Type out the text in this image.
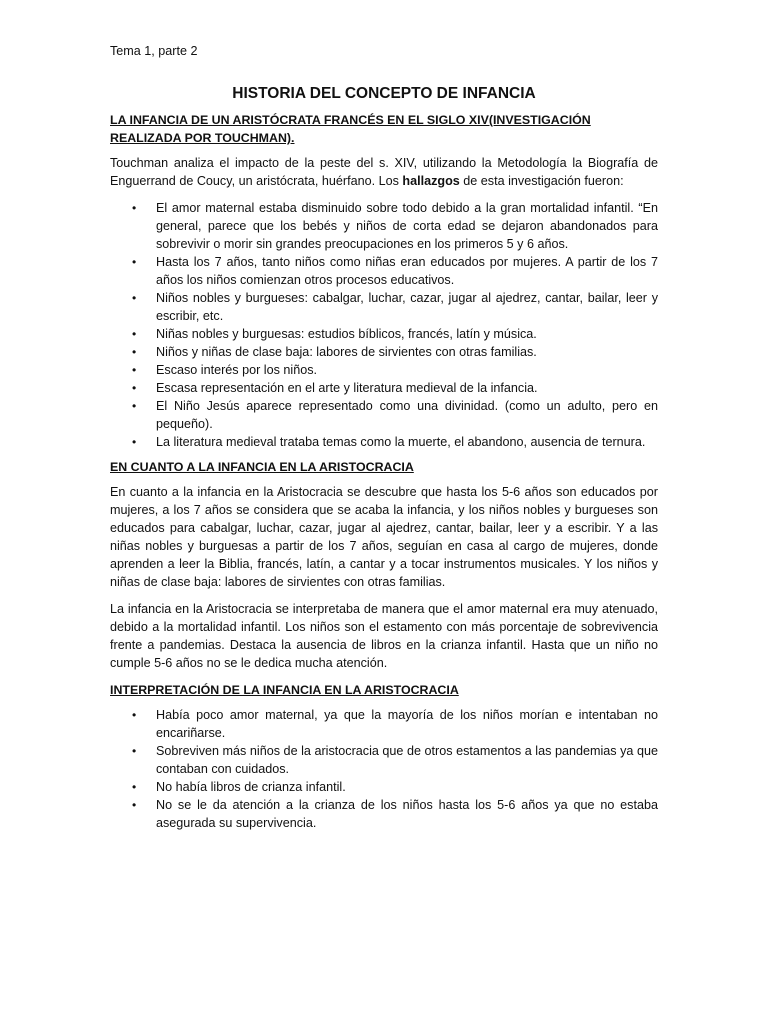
Tema 1, parte 2

HISTORIA DEL CONCEPTO DE INFANCIA

LA INFANCIA DE UN ARISTÓCRATA FRANCÉS EN EL SIGLO XIV(INVESTIGACIÓN REALIZADA POR TOUCHMAN).

Touchman analiza el impacto de la peste del s. XIV, utilizando la Metodología la Biografía de Enguerrand de Coucy, un aristócrata, huérfano. Los hallazgos de esta investigación fueron:

• El amor maternal estaba disminuido sobre todo debido a la gran mortalidad infantil. “En general, parece que los bebés y niños de corta edad se dejaron abandonados para sobrevivir o morir sin grandes preocupaciones en los primeros 5 y 6 años.
• Hasta los 7 años, tanto niños como niñas eran educados por mujeres. A partir de los 7 años los niños comienzan otros procesos educativos.
• Niños nobles y burgueses: cabalgar, luchar, cazar, jugar al ajedrez, cantar, bailar, leer y escribir, etc.
• Niñas nobles y burguesas: estudios bíblicos, francés, latín y música.
• Niños y niñas de clase baja: labores de sirvientes con otras familias.
• Escaso interés por los niños.
• Escasa representación en el arte y literatura medieval de la infancia.
• El Niño Jesús aparece representado como una divinidad. (como un adulto, pero en pequeño).
• La literatura medieval trataba temas como la muerte, el abandono, ausencia de ternura.

EN CUANTO A LA INFANCIA EN LA ARISTOCRACIA

En cuanto a la infancia en la Aristocracia se descubre que hasta los 5-6 años son educados por mujeres, a los 7 años se considera que se acaba la infancia, y los niños nobles y burgueses son educados para cabalgar, luchar, cazar, jugar al ajedrez, cantar, bailar, leer y a escribir. Y a las niñas nobles y burguesas a partir de los 7 años, seguían en casa al cargo de mujeres, donde aprenden a leer la Biblia, francés, latín, a cantar y a tocar instrumentos musicales. Y los niños y niñas de clase baja: labores de sirvientes con otras familias.

La infancia en la Aristocracia se interpretaba de manera que el amor maternal era muy atenuado, debido a la mortalidad infantil. Los niños son el estamento con más porcentaje de sobrevivencia frente a pandemias. Destaca la ausencia de libros en la crianza infantil. Hasta que un niño no cumple 5-6 años no se le dedica mucha atención.

INTERPRETACIÓN DE LA INFANCIA EN LA ARISTOCRACIA

• Había poco amor maternal, ya que la mayoría de los niños morían e intentaban no encariñarse.
• Sobreviven más niños de la aristocracia que de otros estamentos a las pandemias ya que contaban con cuidados.
• No había libros de crianza infantil.
• No se le da atención a la crianza de los niños hasta los 5-6 años ya que no estaba asegurada su supervivencia.
